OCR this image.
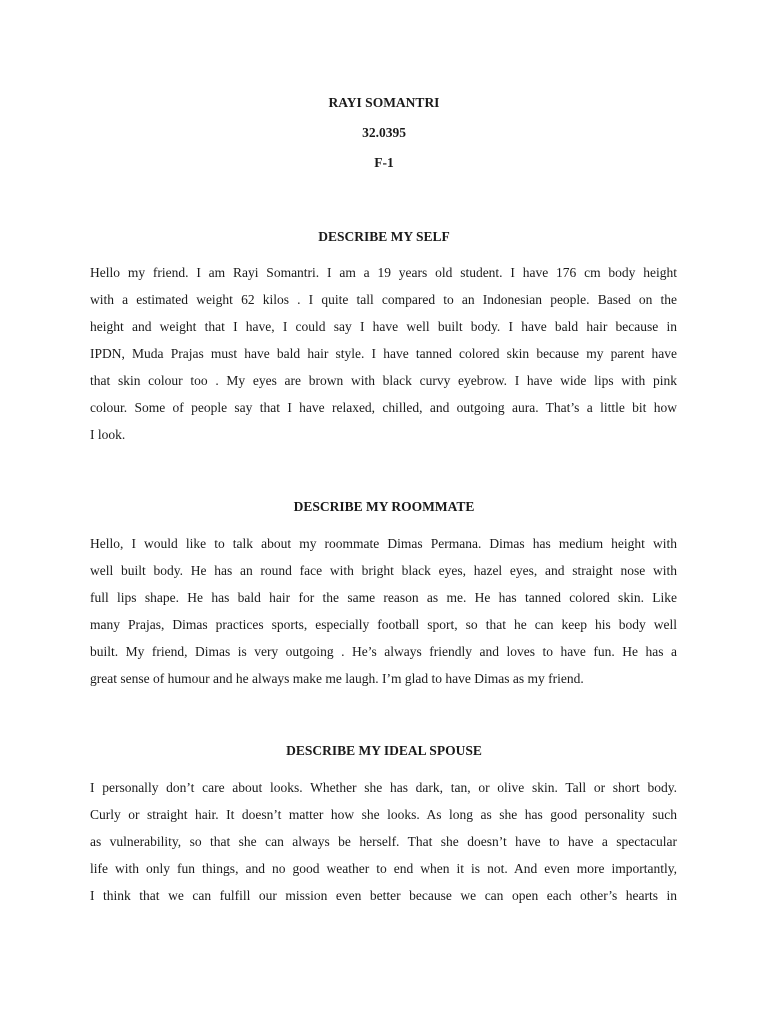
RAYI SOMANTRI
32.0395
F-1
DESCRIBE MY SELF
Hello my friend. I am Rayi Somantri. I am a 19 years old student. I have 176 cm body height
with a estimated weight 62 kilos . I quite tall compared to an Indonesian people. Based on the
height and weight that I have, I could say I have well built body. I have bald hair because in
IPDN, Muda Prajas must have bald hair style. I have tanned colored skin because my parent have
that skin colour too . My eyes are brown with black curvy eyebrow. I have wide lips with pink
colour. Some of people say that I have relaxed, chilled, and outgoing aura. That’s a little bit how
I look.
DESCRIBE MY ROOMMATE
Hello, I would like to talk about my roommate Dimas Permana. Dimas has medium height with
well built body. He has an round face with bright black eyes, hazel eyes, and straight nose with
full lips shape. He has bald hair for the same reason as me. He has tanned colored skin. Like
many Prajas, Dimas practices sports, especially football sport, so that he can keep his body well
built. My friend, Dimas is very outgoing . He’s always friendly and loves to have fun. He has a
great sense of humour and he always make me laugh. I’m glad to have Dimas as my friend.
DESCRIBE MY IDEAL SPOUSE
I personally don’t care about looks. Whether she has dark, tan, or olive skin. Tall or short body.
Curly or straight hair. It doesn’t matter how she looks. As long as she has good personality such
as vulnerability, so that she can always be herself. That she doesn’t have to have a spectacular
life with only fun things, and no good weather to end when it is not. And even more importantly,
I think that we can fulfill our mission even better because we can open each other’s hearts in
